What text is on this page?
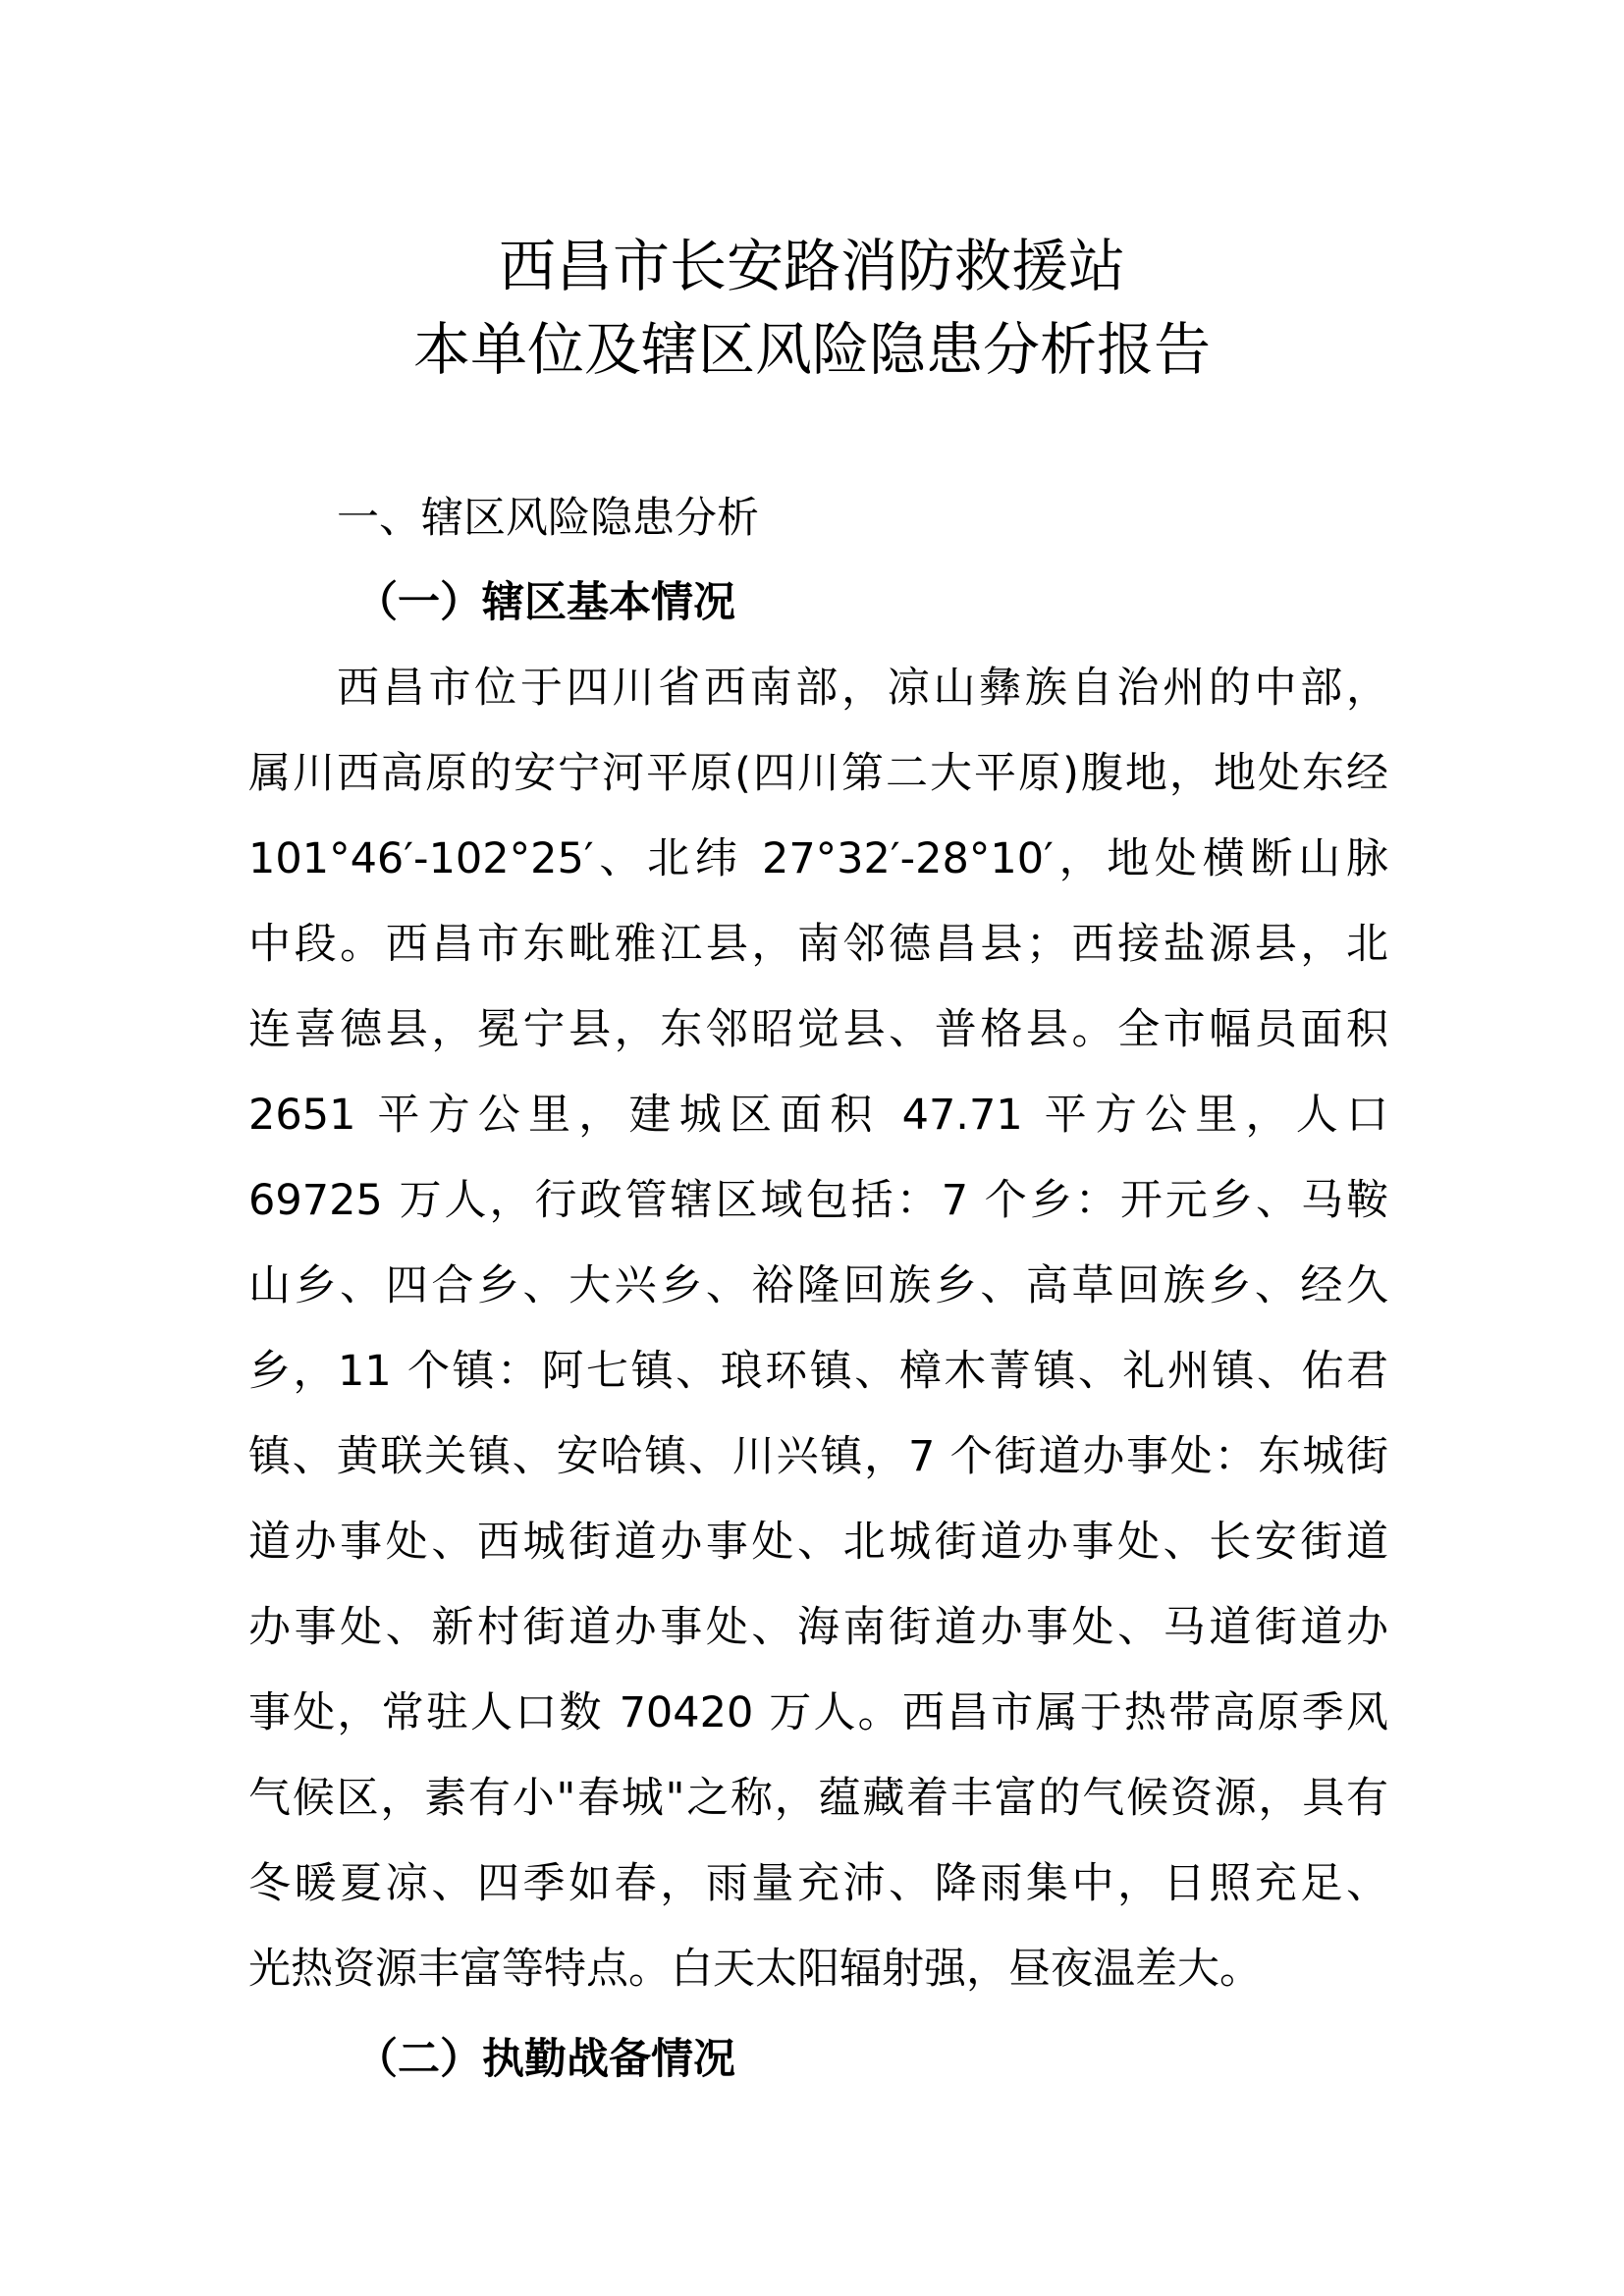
西昌市长安路消防救援站
本单位及辖区风险隐患分析报告
一、辖区风险隐患分析
（一）辖区基本情况
西昌市位于四川省西南部，凉山彝族自治州的中部，
属川西高原的安宁河平原(四川第二大平原)腹地，地处东经
101°46′-102°25′、北纬 27°32′-28°10′，地处横断山脉
中段。西昌市东毗雅江县，南邻德昌县；西接盐源县，北
连喜德县，冕宁县，东邻昭觉县、普格县。全市幅员面积
2651 平方公里，建城区面积 47.71 平方公里，人口
69725 万人，行政管辖区域包括：7 个乡：开元乡、马鞍
山乡、四合乡、大兴乡、裕隆回族乡、高草回族乡、经久
乡，11 个镇：阿七镇、琅环镇、樟木菁镇、礼州镇、佑君
镇、黄联关镇、安哈镇、川兴镇，7 个街道办事处：东城街
道办事处、西城街道办事处、北城街道办事处、长安街道
办事处、新村街道办事处、海南街道办事处、马道街道办
事处，常驻人口数 70420 万人。西昌市属于热带高原季风
气候区，素有小"春城"之称，蕴藏着丰富的气候资源，具有
冬暖夏凉、四季如春，雨量充沛、降雨集中，日照充足、
光热资源丰富等特点。白天太阳辐射强，昼夜温差大。
（二）执勤战备情况
